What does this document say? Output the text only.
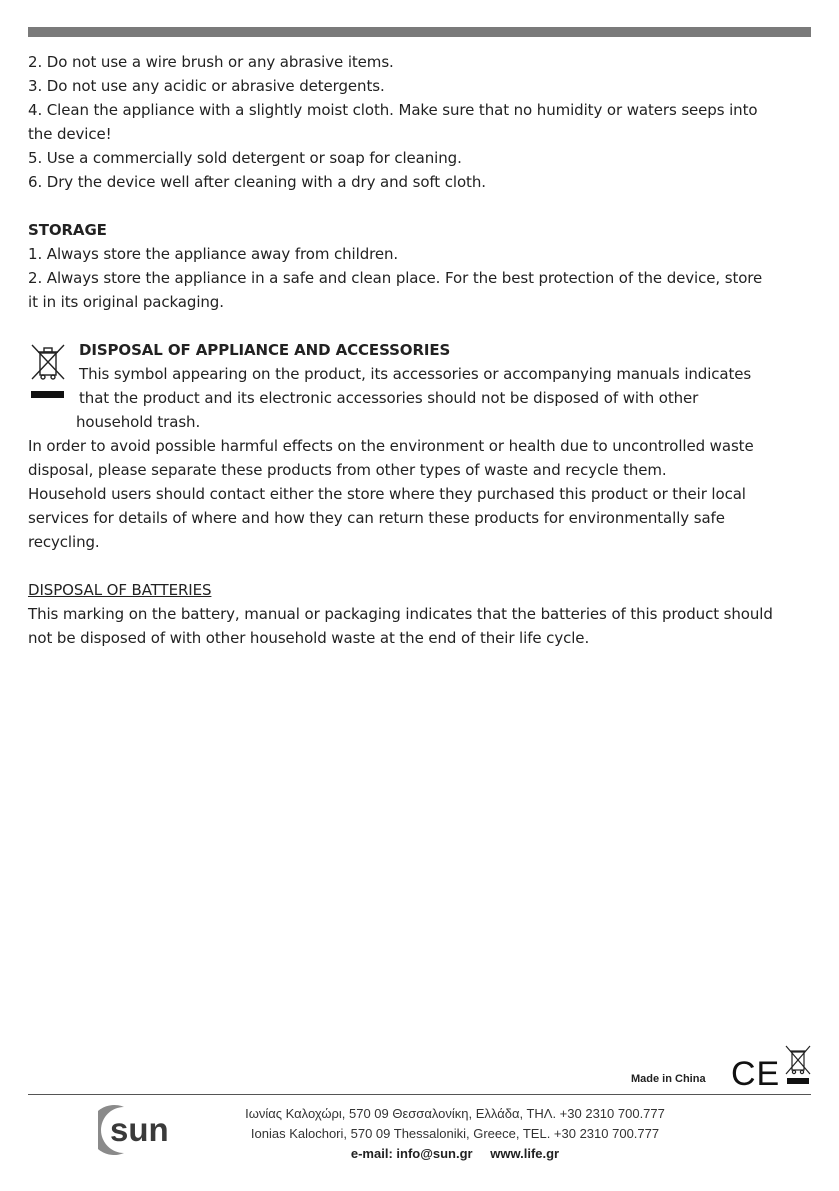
2. Do not use a wire brush or any abrasive items.
3. Do not use any acidic or abrasive detergents.
4. Clean the appliance with a slightly moist cloth. Make sure that no humidity or waters seeps into
the device!
5. Use a commercially sold detergent or soap for cleaning.
6. Dry the device well after cleaning with a dry and soft cloth.
STORAGE
1. Always store the appliance away from children.
2. Always store the appliance in a safe and clean place. For the best protection of the device, store
it in its original packaging.
DISPOSAL OF APPLIANCE AND ACCESSORIES
This symbol appearing on the product, its accessories or accompanying manuals indicates
that the product and its electronic accessories should not be disposed of with other
household trash.
In order to avoid possible harmful effects on the environment or health due to uncontrolled waste
disposal, please separate these products from other types of waste and recycle them.
Household users should contact either the store where they purchased this product or their local
services for details of where and how they can return these products for environmentally safe
recycling.
DISPOSAL OF BATTERIES
This marking on the battery, manual or packaging indicates that the batteries of this product should
not be disposed of with other household waste at the end of their life cycle.
Made in China CE
sun	Ιωνίας Καλοχώρι, 570 09 Θεσσαλονίκη, Ελλάδα, ΤΗΛ. +30 2310 700.777
Ionias Kalochori, 570 09 Thessaloniki, Greece, TEL. +30 2310 700.777
e-mail: info@sun.gr www.life.gr
